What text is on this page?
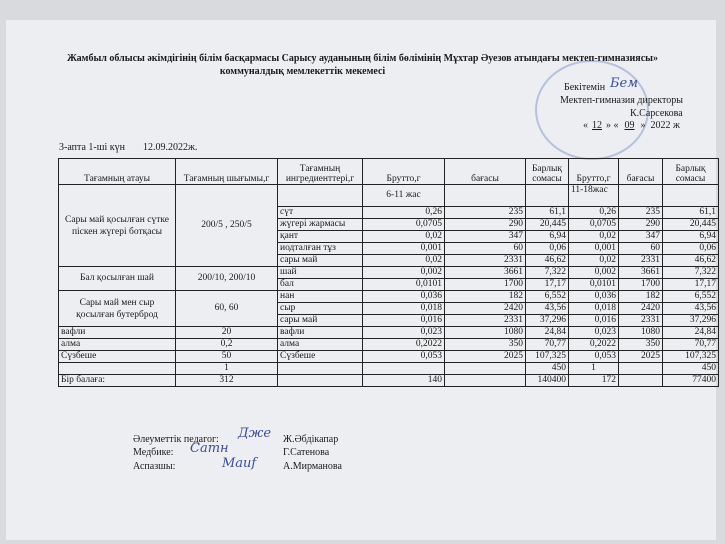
Жамбыл облысы әкімдігінің білім басқармасы Сарысу ауданының білім бөлімінің Мұхтар Әуезов атындағы мектеп-гимназиясы»
коммуналдық мемлекеттік мекемесі
Бекітемін Бем
Мектеп-гимназия директоры
К.Сарсекова
« 12 » « 09 »  2022 ж
3-апта 1-ші күн 12.09.2022ж.
Тағамның атауы	Тағамның шығымы,г	Тағамның ингредиенттері,г	Брутто,г	бағасы	Барлық сомасы	Брутто,г	бағасы	Барлық сомасы
Сары май қосылған сүтке піскен жүгері ботқасы	200/5 , 250/5		6-11 жас			11-18жас		
		сүт	0,26	235	61,1	0,26	235	61,1
		жүгері жармасы	0,0705	290	20,445	0,0705	290	20,445
		қант	0,02	347	6,94	0,02	347	6,94
		иодталған тұз	0,001	60	0,06	0,001	60	0,06
		сары май	0,02	2331	46,62	0,02	2331	46,62
Бал қосылған шай	200/10, 200/10	шай	0,002	3661	7,322	0,002	3661	7,322
		бал	0,0101	1700	17,17	0,0101	1700	17,17
Сары май мен сыр қосылған бутерброд	60, 60	нан	0,036	182	6,552	0,036	182	6,552
		сыр	0,018	2420	43,56	0,018	2420	43,56
		сары май	0,016	2331	37,296	0,016	2331	37,296
вафли	20	вафли	0,023	1080	24,84	0,023	1080	24,84
алма	0,2	алма	0,2022	350	70,77	0,2022	350	70,77
Сүзбеше	50	Сүзбеше	0,053	2025	107,325	0,053	2025	107,325
	1				450	1		450
Бір балаға:	312		140		140400	172		77400
Әлеуметтік педагог: Дже Ж.Әбдікапар
Медбике: Сатн	Г.Сатенова
Аспазшы:	Маиf	А.Мирманова
